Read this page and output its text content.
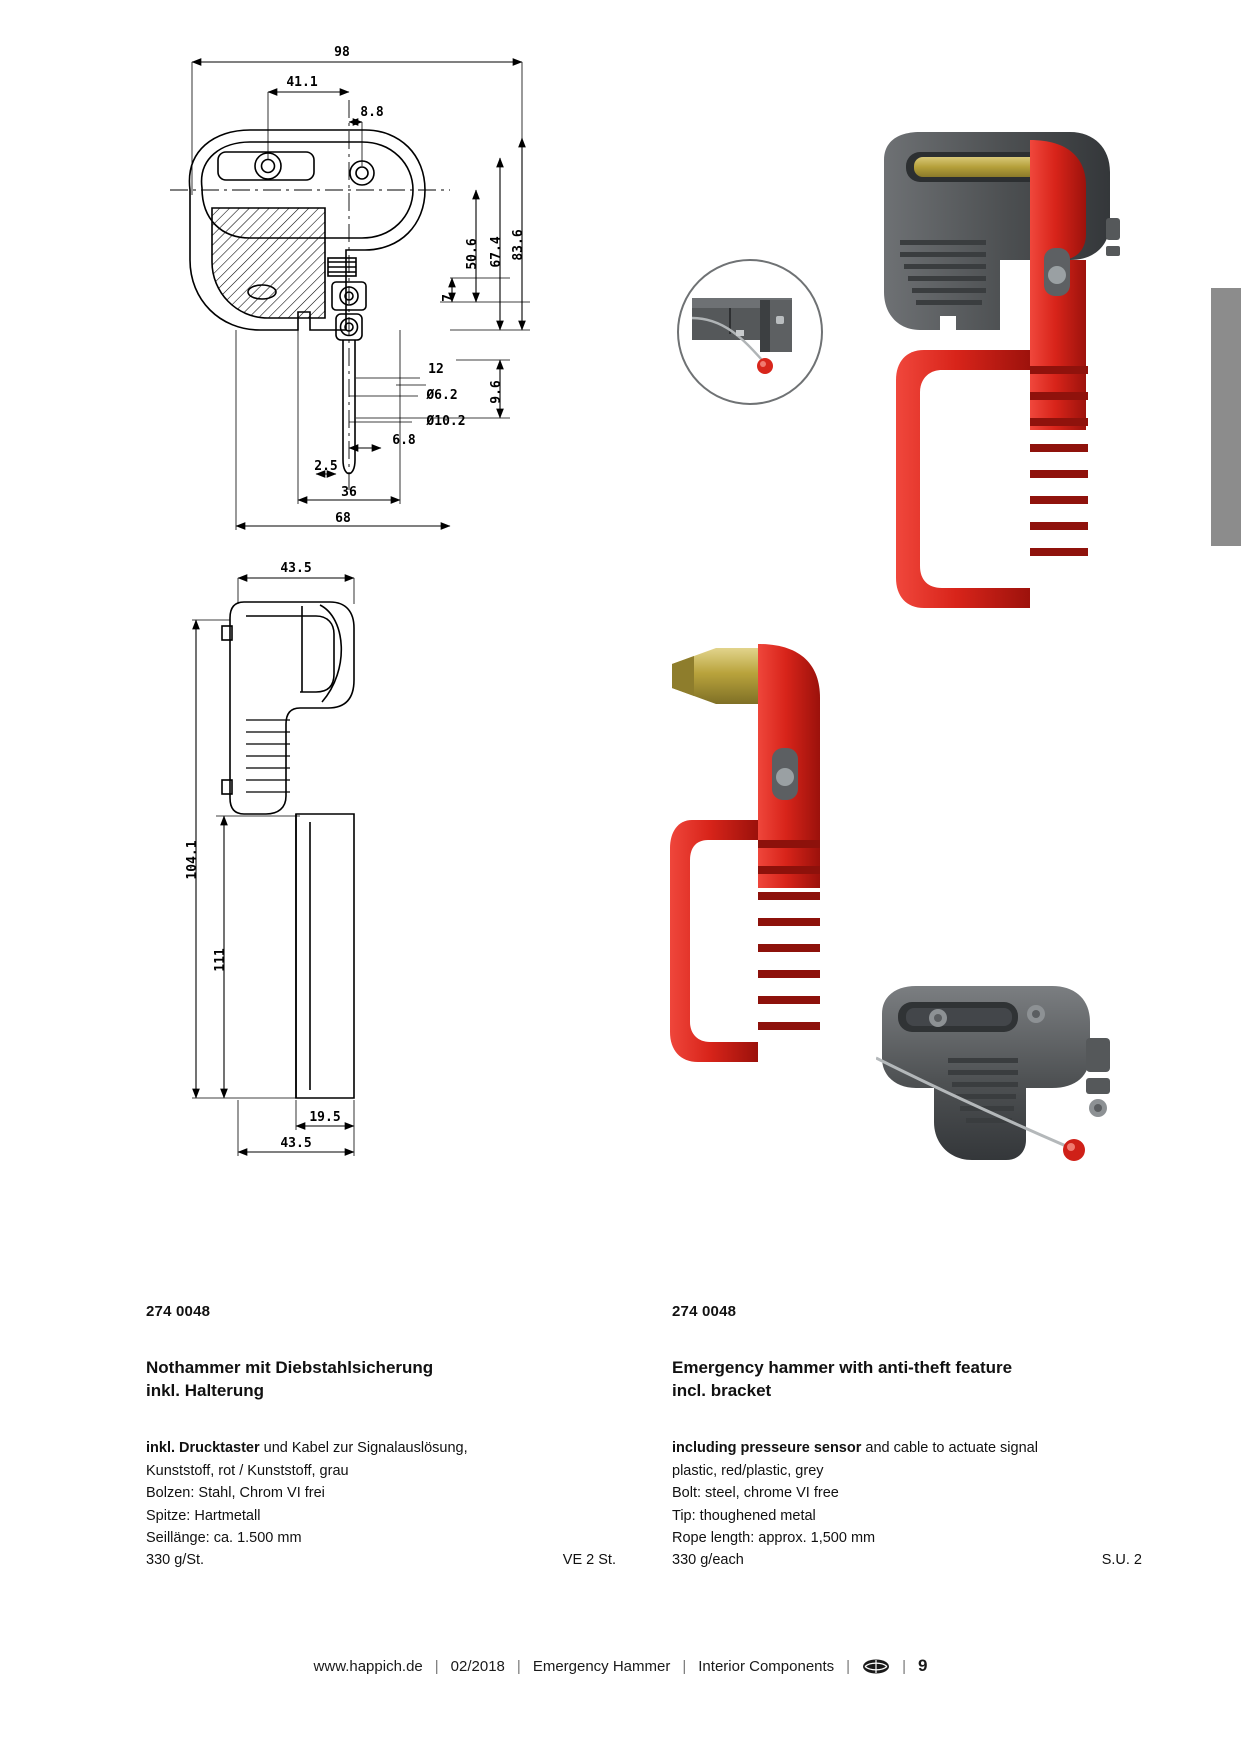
98
41.1
8.8
83.6
67.4
50.6
7
9.6
12
Ø6.2
Ø10.2
6.8
2.5
36
68
43.5
104.1
111
19.5
43.5
274 0048
Nothammer mit Diebstahlsicherung
inkl. Halterung
inkl. Drucktaster und Kabel zur Signalauslösung,
Kunststoff, rot / Kunststoff, grau
Bolzen: Stahl, Chrom VI frei
Spitze: Hartmetall
Seillänge: ca. 1.500 mm
330 g/St.	VE 2 St.
274 0048
Emergency hammer with anti-theft feature
incl. bracket
including presseure sensor and cable to actuate signal
plastic, red/plastic, grey
Bolt: steel, chrome VI free
Tip: thoughened metal
Rope length: approx. 1,500 mm
330 g/each	S.U. 2
www.happich.de | 02/2018 | Emergency Hammer | Interior Components |	| 9
